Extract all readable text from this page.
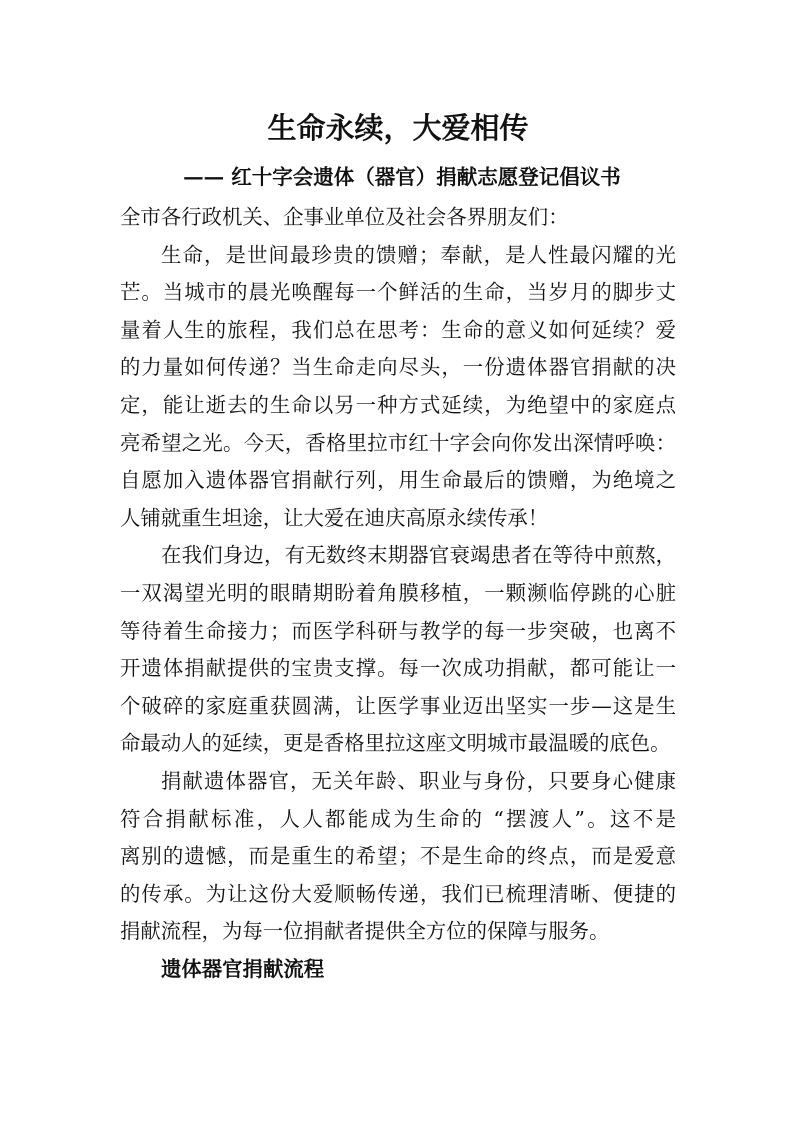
生命永续，大爱相传
—— 红十字会遗体（器官）捐献志愿登记倡议书
全市各行政机关、企事业单位及社会各界朋友们：
生命，是世间最珍贵的馈赠；奉献，是人性最闪耀的光
芒。当城市的晨光唤醒每一个鲜活的生命，当岁月的脚步丈
量着人生的旅程，我们总在思考：生命的意义如何延续？爱
的力量如何传递？当生命走向尽头，一份遗体器官捐献的决
定，能让逝去的生命以另一种方式延续，为绝望中的家庭点
亮希望之光。今天，香格里拉市红十字会向你发出深情呼唤：
自愿加入遗体器官捐献行列，用生命最后的馈赠，为绝境之
人铺就重生坦途，让大爱在迪庆高原永续传承！
在我们身边，有无数终末期器官衰竭患者在等待中煎熬，
一双渴望光明的眼睛期盼着角膜移植，一颗濒临停跳的心脏
等待着生命接力；而医学科研与教学的每一步突破，也离不
开遗体捐献提供的宝贵支撑。每一次成功捐献，都可能让一
个破碎的家庭重获圆满，让医学事业迈出坚实一步—这是生
命最动人的延续，更是香格里拉这座文明城市最温暖的底色。
捐献遗体器官，无关年龄、职业与身份，只要身心健康
符合捐献标准，人人都能成为生命的 “摆渡人”。这不是
离别的遗憾，而是重生的希望；不是生命的终点，而是爱意
的传承。为让这份大爱顺畅传递，我们已梳理清晰、便捷的
捐献流程，为每一位捐献者提供全方位的保障与服务。
遗体器官捐献流程
